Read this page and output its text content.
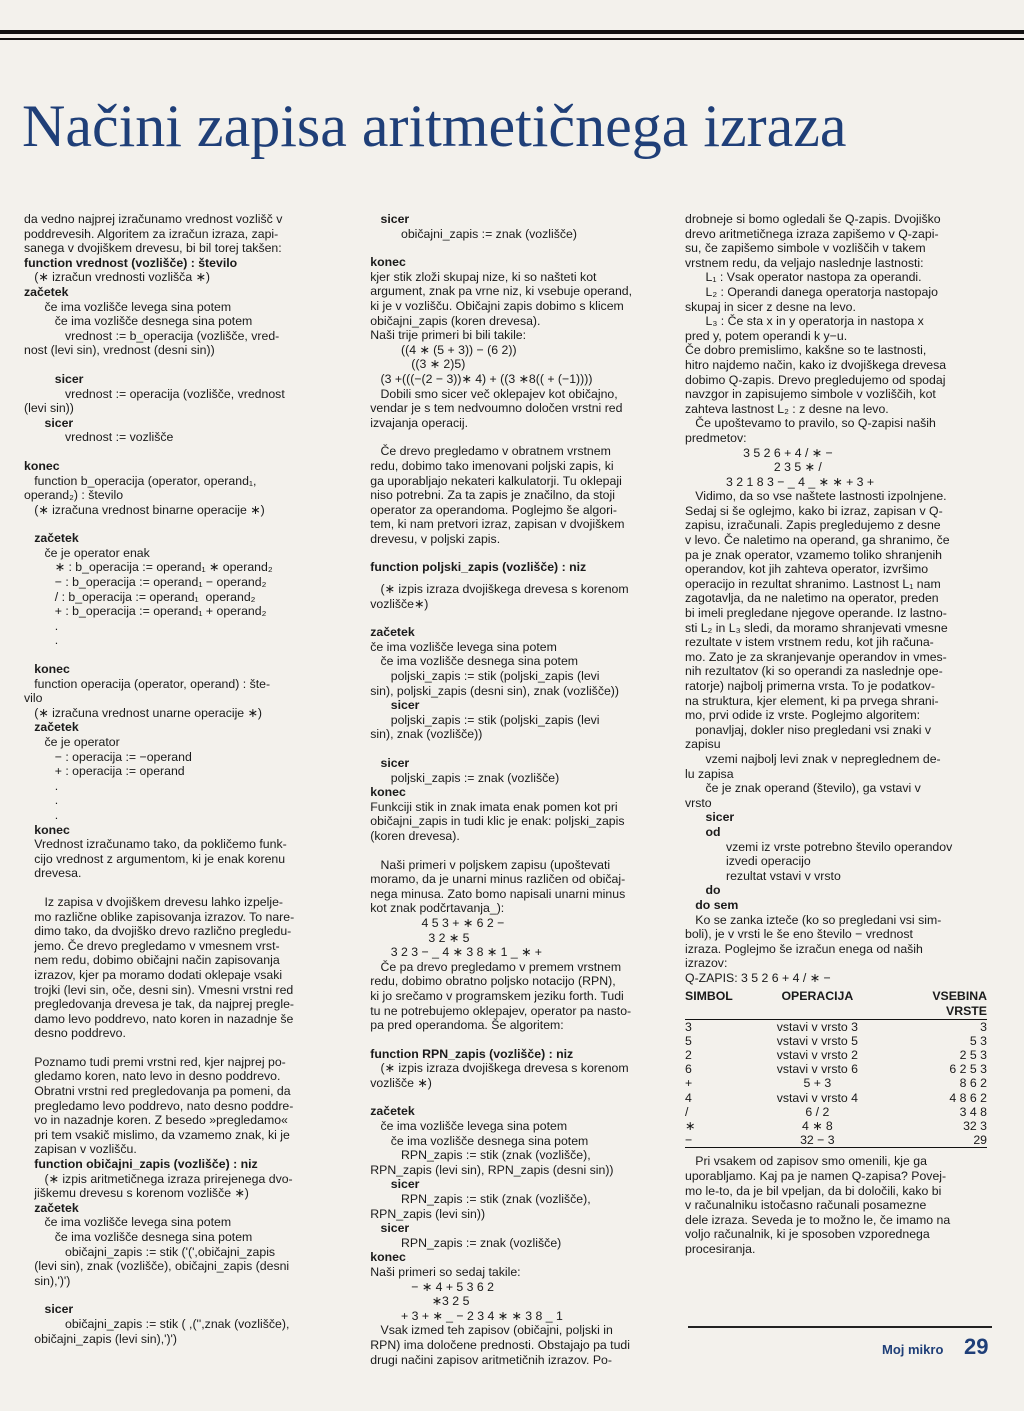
Načini zapisa aritmetičnega izraza
da vedno najprej izračunamo vrednost vozlišč v
poddrevesih. Algoritem za izračun izraza, zapi-
sanega v dvojiškem drevesu, bi bil torej takšen:
function vrednost (vozlišče) : število
(∗ izračun vrednosti vozlišča ∗)
začetek
če ima vozlišče levega sina potem
če ima vozlišče desnega sina potem
vrednost := b_operacija (vozlišče, vred-
nost (levi sin), vrednost (desni sin))
sicer
vrednost := operacija (vozlišče, vrednost
(levi sin))
sicer
vrednost := vozlišče
konec
function b_operacija (operator, operand₁,
operand₂) : število
(∗ izračuna vrednost binarne operacije ∗)
začetek
če je operator enak
∗ : b_operacija := operand₁ ∗ operand₂
− : b_operacija := operand₁ − operand₂
/ : b_operacija := operand₁  operand₂
+ : b_operacija := operand₁ + operand₂
.
.
konec
function operacija (operator, operand) : šte-
vilo
(∗ izračuna vrednost unarne operacije ∗)
začetek
če je operator
− : operacija := −operand
+ : operacija := operand
.
.
.
konec
Vrednost izračunamo tako, da pokličemo funk-
cijo vrednost z argumentom, ki je enak korenu
drevesa.
Iz zapisa v dvojiškem drevesu lahko izpelje-
mo različne oblike zapisovanja izrazov. To nare-
dimo tako, da dvojiško drevo različno pregledu-
jemo. Če drevo pregledamo v vmesnem vrst-
nem redu, dobimo običajni način zapisovanja
izrazov, kjer pa moramo dodati oklepaje vsaki
trojki (levi sin, oče, desni sin). Vmesni vrstni red
pregledovanja drevesa je tak, da najprej pregle-
damo levo poddrevo, nato koren in nazadnje še
desno poddrevo.
Poznamo tudi premi vrstni red, kjer najprej po-
gledamo koren, nato levo in desno poddrevo.
Obratni vrstni red pregledovanja pa pomeni, da
pregledamo levo poddrevo, nato desno poddre-
vo in nazadnje koren. Z besedo »pregledamo«
pri tem vsakič mislimo, da vzamemo znak, ki je
zapisan v vozlišču.
function običajni_zapis (vozlišče) : niz
(∗ izpis aritmetičnega izraza prirejenega dvo-
jiškemu drevesu s korenom vozlišče ∗)
začetek
če ima vozlišče levega sina potem
če ima vozlišče desnega sina potem
običajni_zapis := stik ('(',običajni_zapis
(levi sin), znak (vozlišče), običajni_zapis (desni
sin),')')
sicer
običajni_zapis := stik ( ,('',znak (vozlišče),
običajni_zapis (levi sin),')')
sicer
običajni_zapis := znak (vozlišče)
konec
kjer stik zloži skupaj nize, ki so našteti kot
argument, znak pa vrne niz, ki vsebuje operand,
ki je v vozlišču. Običajni zapis dobimo s klicem
običajni_zapis (koren drevesa).
Naši trije primeri bi bili takile:
((4 ∗ (5 + 3)) − (6 2))
((3 ∗ 2)5)
(3 +(((−(2 − 3))∗ 4) + ((3 ∗8(( + (−1))))
Dobili smo sicer več oklepajev kot običajno,
vendar je s tem nedvoumno določen vrstni red
izvajanja operacij.
Če drevo pregledamo v obratnem vrstnem
redu, dobimo tako imenovani poljski zapis, ki
ga uporabljajo nekateri kalkulatorji. Tu oklepaji
niso potrebni. Za ta zapis je značilno, da stoji
operator za operandoma. Poglejmo še algori-
tem, ki nam pretvori izraz, zapisan v dvojiškem
drevesu, v poljski zapis.
function poljski_zapis (vozlišče) : niz
(∗ izpis izraza dvojiškega drevesa s korenom
vozlišče∗)
začetek
če ima vozlišče levega sina potem
če ima vozlišče desnega sina potem
poljski_zapis := stik (poljski_zapis (levi
sin), poljski_zapis (desni sin), znak (vozlišče))
sicer
poljski_zapis := stik (poljski_zapis (levi
sin), znak (vozlišče))
sicer
poljski_zapis := znak (vozlišče)
konec
Funkciji stik in znak imata enak pomen kot pri
običajni_zapis in tudi klic je enak: poljski_zapis
(koren drevesa).
Naši primeri v poljskem zapisu (upoštevati
moramo, da je unarni minus različen od običaj-
nega minusa. Zato bomo napisali unarni minus
kot znak podčrtavanja_):
4 5 3 + ∗ 6 2 −
3 2 ∗ 5
3 2 3 − _ 4 ∗ 3 8 ∗ 1 _ ∗ +
Če pa drevo pregledamo v premem vrstnem
redu, dobimo obratno poljsko notacijo (RPN),
ki jo srečamo v programskem jeziku forth. Tudi
tu ne potrebujemo oklepajev, operator pa nasto-
pa pred operandoma. Še algoritem:
function RPN_zapis (vozlišče) : niz
(∗ izpis izraza dvojiškega drevesa s korenom
vozlišče ∗)
začetek
če ima vozlišče levega sina potem
če ima vozlišče desnega sina potem
RPN_zapis := stik (znak (vozlišče),
RPN_zapis (levi sin), RPN_zapis (desni sin))
sicer
RPN_zapis := stik (znak (vozlišče),
RPN_zapis (levi sin))
sicer
RPN_zapis := znak (vozlišče)
konec
Naši primeri so sedaj takile:
− ∗ 4 + 5 3 6 2
∗3 2 5
+ 3 + ∗ _ − 2 3 4 ∗ ∗ 3 8 _ 1
Vsak izmed teh zapisov (običajni, poljski in
RPN) ima določene prednosti. Obstajajo pa tudi
drugi načini zapisov aritmetičnih izrazov. Po-
drobneje si bomo ogledali še Q-zapis. Dvojiško
drevo aritmetičnega izraza zapišemo v Q-zapi-
su, če zapišemo simbole v vozliščih v takem
vrstnem redu, da veljajo naslednje lastnosti:
L₁ : Vsak operator nastopa za operandi.
L₂ : Operandi danega operatorja nastopajo
skupaj in sicer z desne na levo.
L₃ : Če sta x in y operatorja in nastopa x
pred y, potem operandi k y−u.
Če dobro premislimo, kakšne so te lastnosti,
hitro najdemo način, kako iz dvojiškega drevesa
dobimo Q-zapis. Drevo pregledujemo od spodaj
navzgor in zapisujemo simbole v vozliščih, kot
zahteva lastnost L₂ : z desne na levo.
Če upoštevamo to pravilo, so Q-zapisi naših
predmetov:
3 5 2 6 + 4 / ∗ −
2 3 5 ∗ /
3 2 1 8 3 − _ 4 _ ∗ ∗ + 3 +
Vidimo, da so vse naštete lastnosti izpolnjene.
Sedaj si še oglejmo, kako bi izraz, zapisan v Q-
zapisu, izračunali. Zapis pregledujemo z desne
v levo. Če naletimo na operand, ga shranimo, če
pa je znak operator, vzamemo toliko shranjenih
operandov, kot jih zahteva operator, izvršimo
operacijo in rezultat shranimo. Lastnost L₁ nam
zagotavlja, da ne naletimo na operator, preden
bi imeli pregledane njegove operande. Iz lastno-
sti L₂ in L₃ sledi, da moramo shranjevati vmesne
rezultate v istem vrstnem redu, kot jih računa-
mo. Zato je za skranjevanje operandov in vmes-
nih rezultatov (ki so operandi za naslednje ope-
ratorje) najbolj primerna vrsta. To je podatkov-
na struktura, kjer element, ki pa prvega shrani-
mo, prvi odide iz vrste. Poglejmo algoritem:
ponavljaj, dokler niso pregledani vsi znaki v
zapisu
vzemi najbolj levi znak v nepreglednem de-
lu zapisa
če je znak operand (število), ga vstavi v
vrsto
sicer
od
vzemi iz vrste potrebno število operandov
izvedi operacijo
rezultat vstavi v vrsto
do
do sem
Ko se zanka izteče (ko so pregledani vsi sim-
boli), je v vrsti le še eno število − vrednost
izraza. Poglejmo še izračun enega od naših
izrazov:
Q-ZAPIS: 3 5 2 6 + 4 / ∗ −
SIMBOL	OPERACIJA	VSEBINA
VRSTE
3	vstavi v vrsto 3	3
5	vstavi v vrsto 5	5 3
2	vstavi v vrsto 2	2 5 3
6	vstavi v vrsto 6	6 2 5 3
+	5 + 3	8 6 2
4	vstavi v vrsto 4	4 8 6 2
/	6 / 2	3 4 8
∗	4 ∗ 8	32 3
−	32 − 3	29
Pri vsakem od zapisov smo omenili, kje ga
uporabljamo. Kaj pa je namen Q-zapisa? Povej-
mo le-to, da je bil vpeljan, da bi določili, kako bi
v računalniku istočasno računali posamezne
dele izraza. Seveda je to možno le, če imamo na
voljo računalnik, ki je sposoben vzporednega
procesiranja.
Moj mikro 29
